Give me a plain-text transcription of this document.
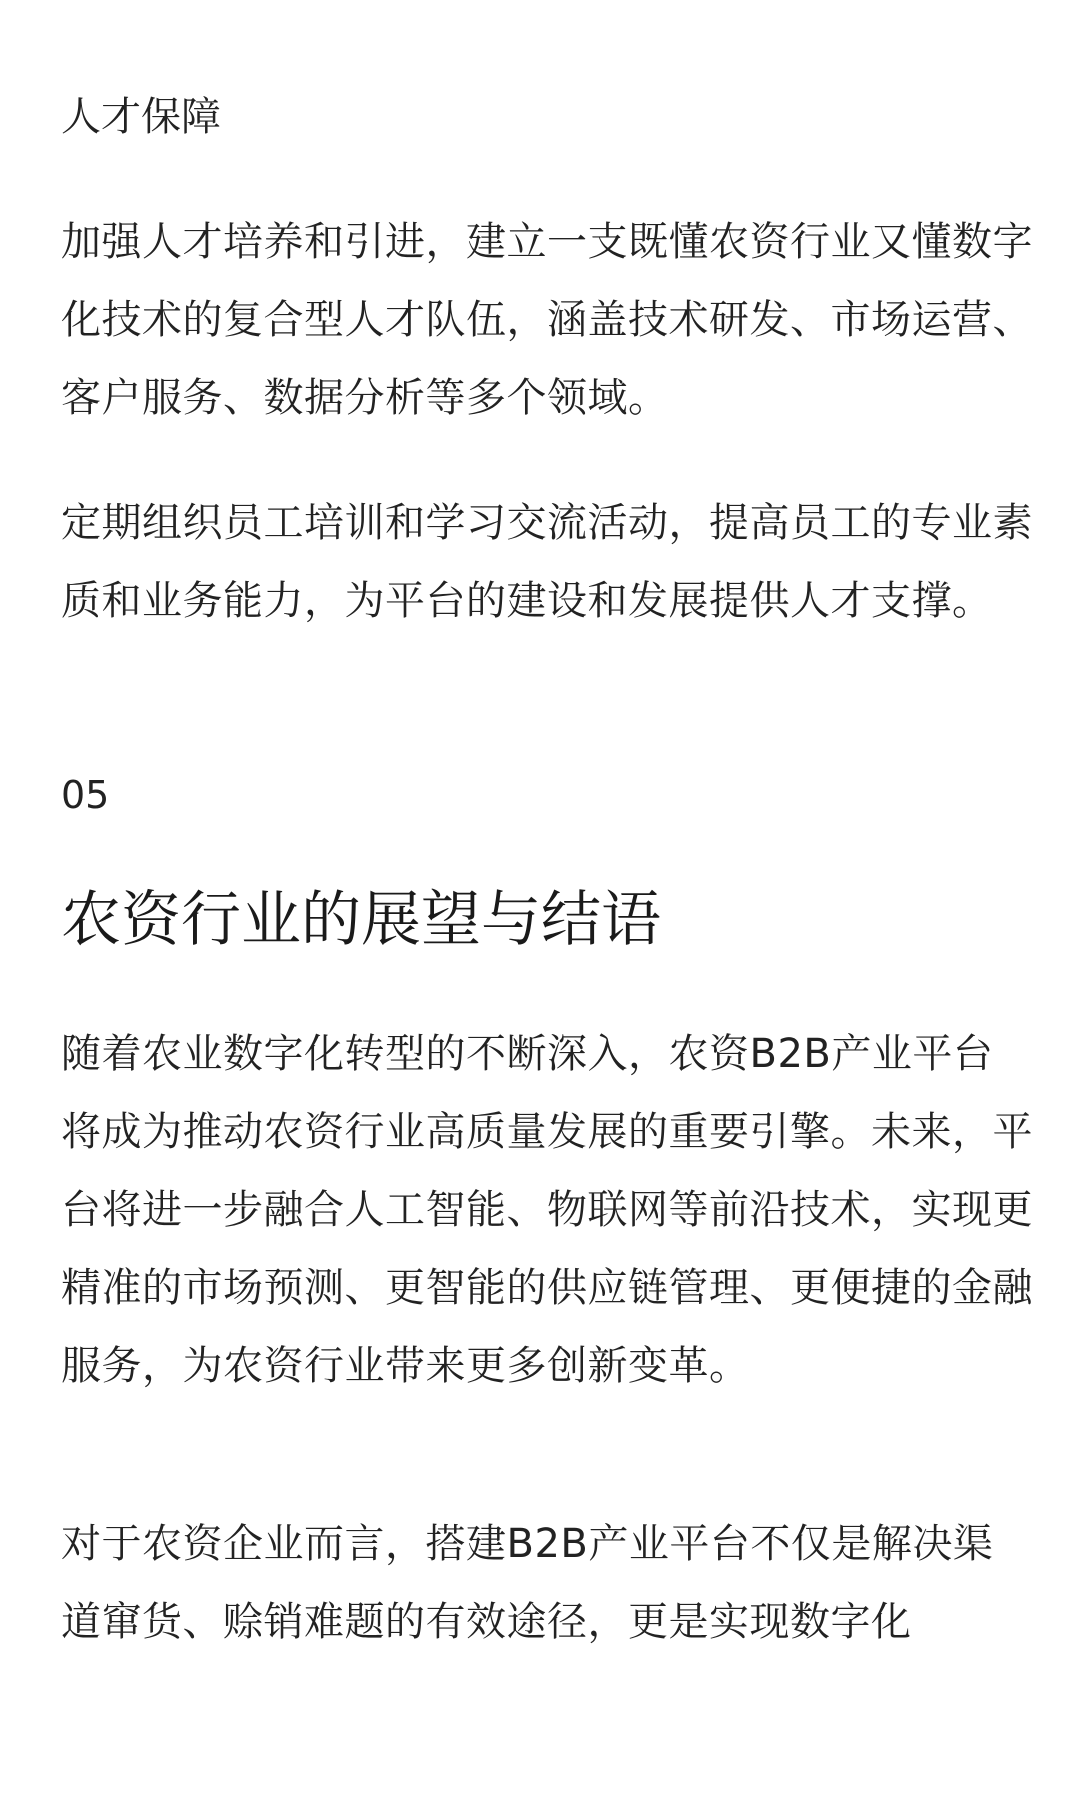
人才保障

加强人才培养和引进，建立一支既懂农资行业又懂数字化技术的复合型人才队伍，涵盖技术研发、市场运营、客户服务、数据分析等多个领域。

定期组织员工培训和学习交流活动，提高员工的专业素质和业务能力，为平台的建设和发展提供人才支撑。

05
农资行业的展望与结语

随着农业数字化转型的不断深入，农资B2B产业平台将成为推动农资行业高质量发展的重要引擎。未来，平台将进一步融合人工智能、物联网等前沿技术，实现更精准的市场预测、更智能的供应链管理、更便捷的金融服务，为农资行业带来更多创新变革。

对于农资企业而言，搭建B2B产业平台不仅是解决渠道窜货、赊销难题的有效途径，更是实现数字化
